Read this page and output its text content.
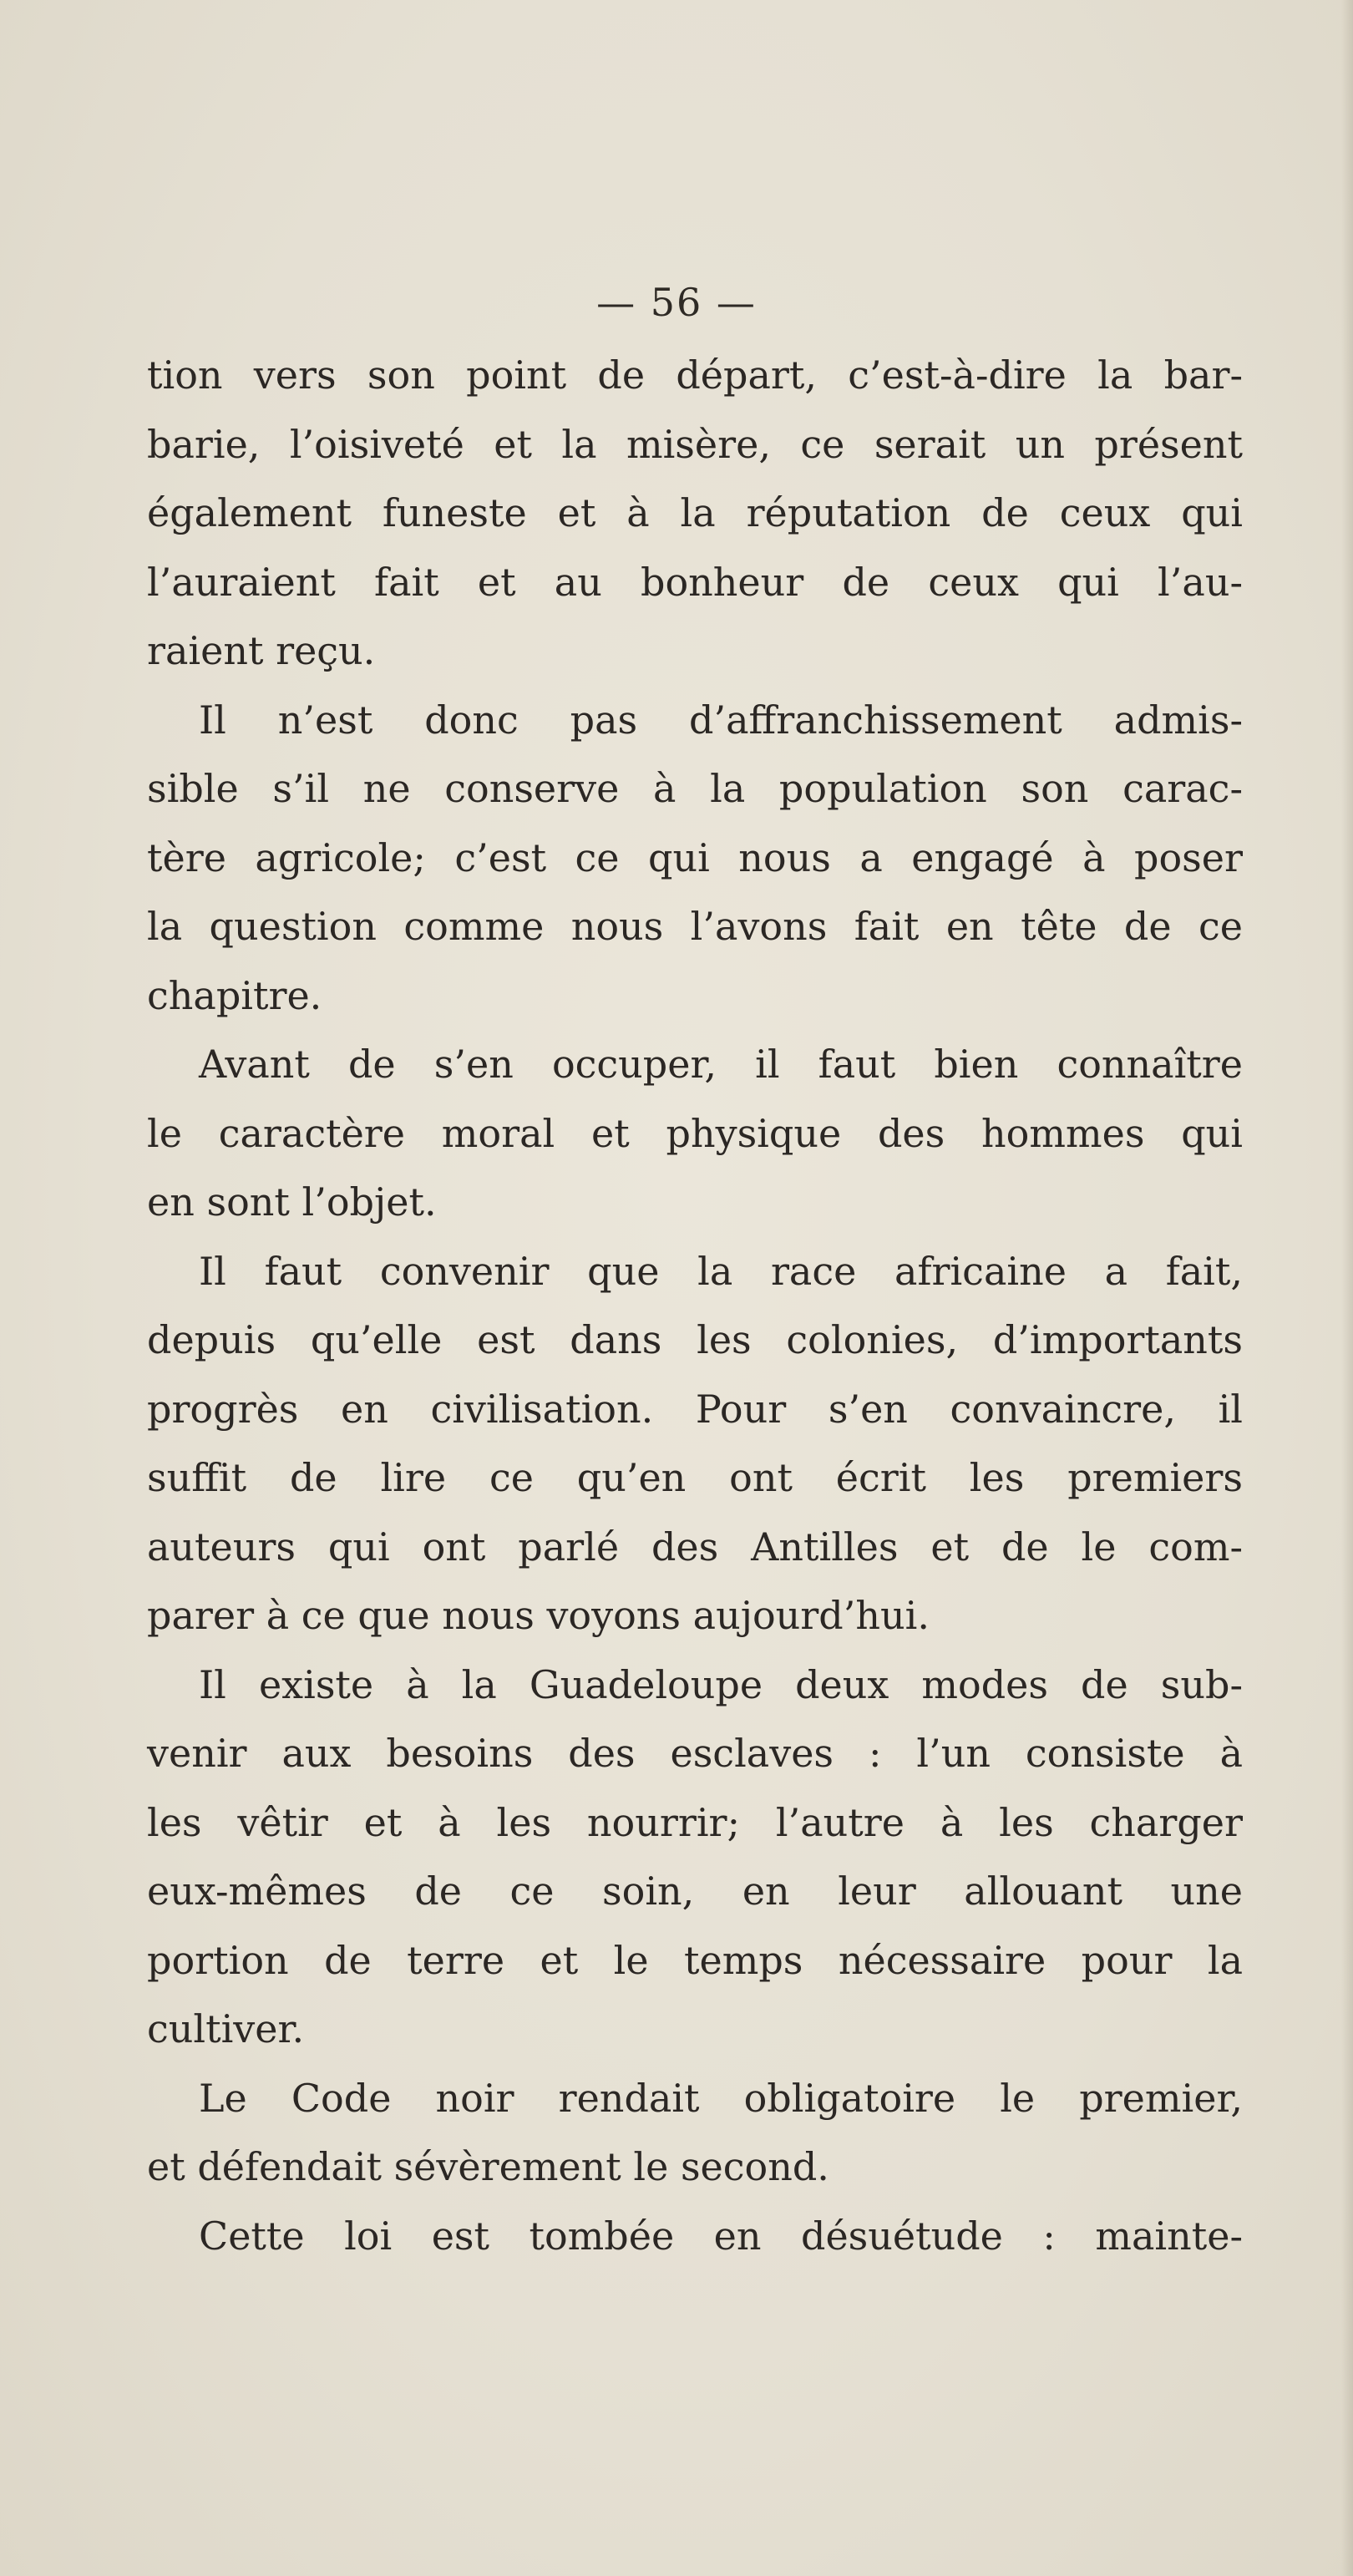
— 56 —
tion vers son point de départ, c’est-à-dire la bar-
barie, l’oisiveté et la misère, ce serait un présent
également funeste et à la réputation de ceux qui
l’auraient fait et au bonheur de ceux qui l’au-
raient reçu.
Il n’est donc pas d’affranchissement admis-
sible s’il ne conserve à la population son carac-
tère agricole; c’est ce qui nous a engagé à poser
la question comme nous l’avons fait en tête de ce
chapitre.
Avant de s’en occuper, il faut bien connaître
le caractère moral et physique des hommes qui
en sont l’objet.
Il faut convenir que la race africaine a fait,
depuis qu’elle est dans les colonies, d’importants
progrès en civilisation. Pour s’en convaincre, il
suffit de lire ce qu’en ont écrit les premiers
auteurs qui ont parlé des Antilles et de le com-
parer à ce que nous voyons aujourd’hui.
Il existe à la Guadeloupe deux modes de sub-
venir aux besoins des esclaves : l’un consiste à
les vêtir et à les nourrir; l’autre à les charger
eux-mêmes de ce soin, en leur allouant une
portion de terre et le temps nécessaire pour la
cultiver.
Le Code noir rendait obligatoire le premier,
et défendait sévèrement le second.
Cette loi est tombée en désuétude : mainte-
